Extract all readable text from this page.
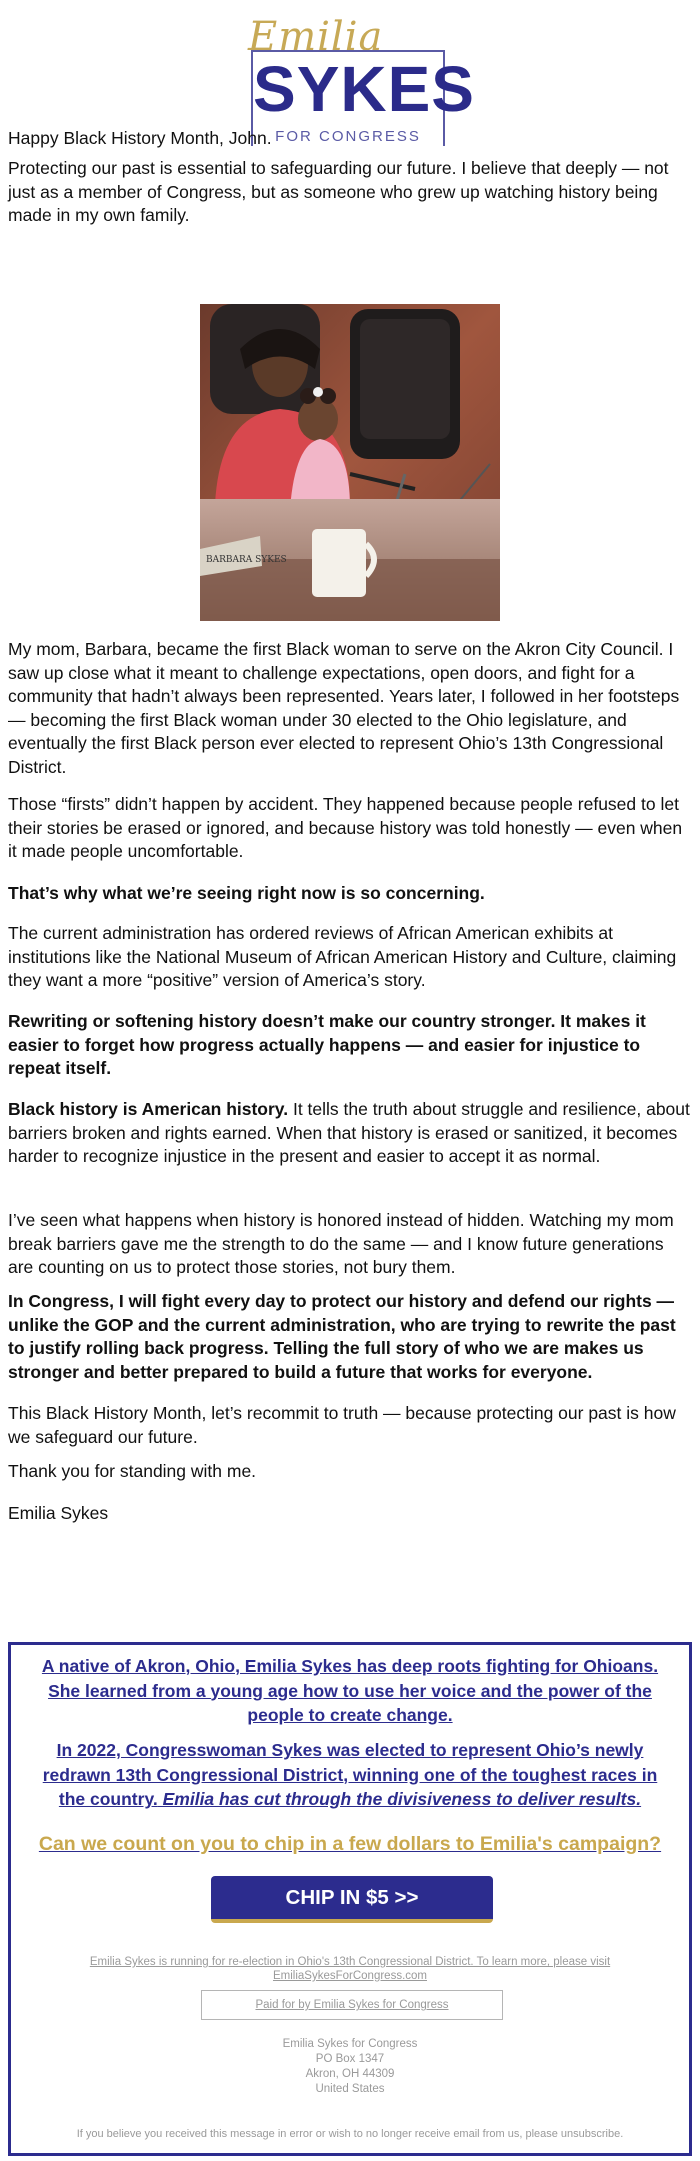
Emilia
SYKES
FOR CONGRESS

Happy Black History Month, John.

Protecting our past is essential to safeguarding our future. I believe that deeply — not just as a member of Congress, but as someone who grew up watching history being made in my own family.

BARBARA SYKES

My mom, Barbara, became the first Black woman to serve on the Akron City Council. I saw up close what it meant to challenge expectations, open doors, and fight for a community that hadn’t always been represented. Years later, I followed in her footsteps — becoming the first Black woman under 30 elected to the Ohio legislature, and eventually the first Black person ever elected to represent Ohio’s 13th Congressional District.

Those “firsts” didn’t happen by accident. They happened because people refused to let their stories be erased or ignored, and because history was told honestly — even when it made people uncomfortable.

That’s why what we’re seeing right now is so concerning.

The current administration has ordered reviews of African American exhibits at institutions like the National Museum of African American History and Culture, claiming they want a more “positive” version of America’s story.

Rewriting or softening history doesn’t make our country stronger. It makes it easier to forget how progress actually happens — and easier for injustice to repeat itself.

Black history is American history. It tells the truth about struggle and resilience, about barriers broken and rights earned. When that history is erased or sanitized, it becomes harder to recognize injustice in the present and easier to accept it as normal.

I’ve seen what happens when history is honored instead of hidden. Watching my mom break barriers gave me the strength to do the same — and I know future generations are counting on us to protect those stories, not bury them.

In Congress, I will fight every day to protect our history and defend our rights — unlike the GOP and the current administration, who are trying to rewrite the past to justify rolling back progress. Telling the full story of who we are makes us stronger and better prepared to build a future that works for everyone.

This Black History Month, let’s recommit to truth — because protecting our past is how we safeguard our future.

Thank you for standing with me.

Emilia Sykes

A native of Akron, Ohio, Emilia Sykes has deep roots fighting for Ohioans. She learned from a young age how to use her voice and the power of the people to create change.

In 2022, Congresswoman Sykes was elected to represent Ohio’s newly redrawn 13th Congressional District, winning one of the toughest races in the country. Emilia has cut through the divisiveness to deliver results.

Can we count on you to chip in a few dollars to Emilia's campaign?

CHIP IN $5 >>

Emilia Sykes is running for re-election in Ohio's 13th Congressional District. To learn more, please visit EmiliaSykesForCongress.com

Paid for by Emilia Sykes for Congress
Emilia Sykes for Congress
PO Box 1347
Akron, OH 44309
United States

If you believe you received this message in error or wish to no longer receive email from us, please unsubscribe.
